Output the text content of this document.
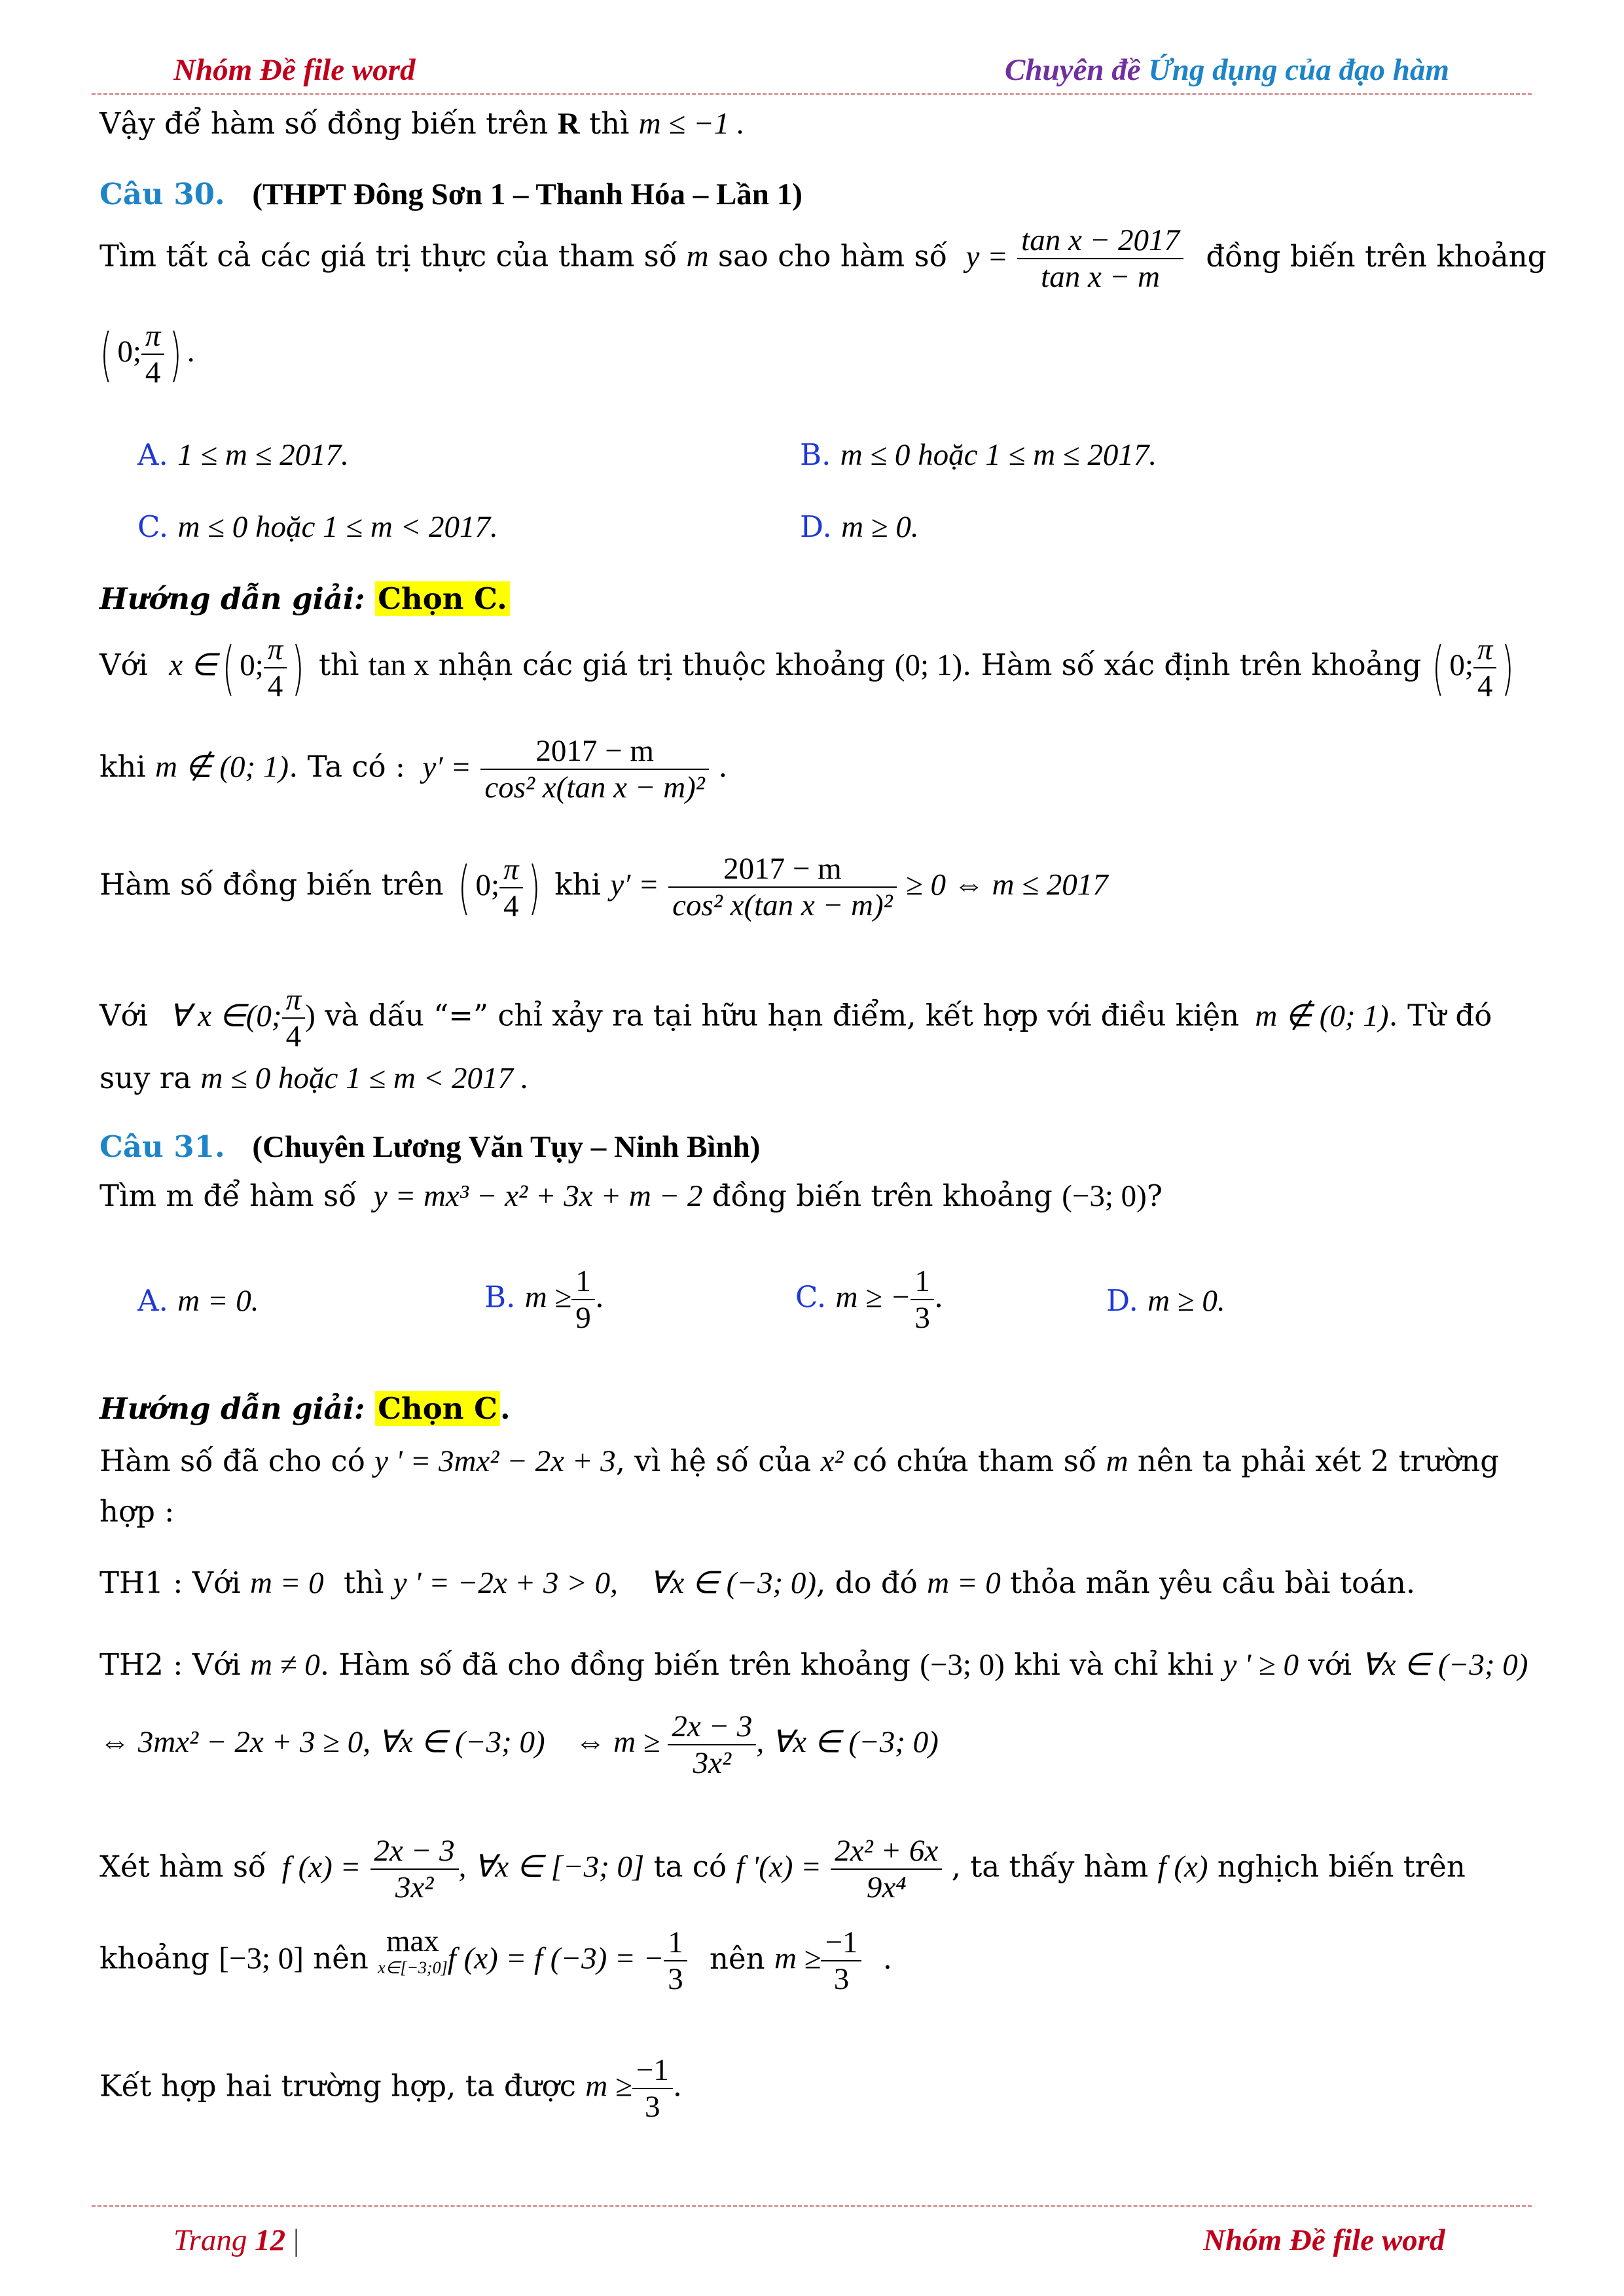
Nhóm Đề file word	Chuyên đề Ứng dụng của đạo hàm
Vậy để hàm số đồng biến trên R thì m ≤ −1 .
Câu 30. (THPT Đông Sơn 1 – Thanh Hóa – Lần 1)
Tìm tất cả các giá trị thực của tham số m sao cho hàm số $y = \frac{\text{tan x − 2017}}{\text{tan x − m}}$ đồng biến trên khoảng
( 0; $\frac{\pi}{4}$ ) .
A. 1 ≤ m ≤ 2017.	B. m ≤ 0 hoặc 1 ≤ m ≤ 2017.
C. m ≤ 0 hoặc 1 ≤ m < 2017.	D. m ≥ 0.
Hướng dẫn giải: Chọn C.
Với x ∈( 0; $\frac{\pi}{4}$ ) thì tan x nhận các giá trị thuộc khoảng (0; 1). Hàm số xác định trên khoảng ( 0; $\frac{\pi}{4}$ )
khi m ∉ (0; 1). Ta có : $y' = \frac{2017 - m}{\text{cos² x(tan x − m)²}}$ .
Hàm số đồng biến trên ( 0; $\frac{\pi}{4}$ ) khi $y' = \frac{2017 - m}{\text{cos² x(tan x − m)²}} \ge 0$ ⇔ m ≤ 2017
Với ∀ x ∈(0; $\frac{\pi}{4}$ ) và dấu “=” chỉ xảy ra tại hữu hạn điểm, kết hợp với điều kiện m ∉ (0; 1). Từ đó
suy ra m ≤ 0 hoặc 1 ≤ m < 2017 .
Câu 31. (Chuyên Lương Văn Tụy – Ninh Bình)
Tìm m để hàm số y = mx³ − x² + 3x + m − 2 đồng biến trên khoảng (−3; 0)?
A. m = 0.	B. $m \ge \frac{1}{9}$ .	C. m ≥ − $\frac{1}{3}$ .	D. m ≥ 0.
Hướng dẫn giải: Chọn C.
Hàm số đã cho có y ' = 3mx² − 2x + 3, vì hệ số của x² có chứa tham số m nên ta phải xét 2 trường
hợp :
TH1 : Với m = 0 thì y ' = −2x + 3 > 0, ∀x ∈ (−3; 0), do đó m = 0 thỏa mãn yêu cầu bài toán.
TH2 : Với m ≠ 0. Hàm số đã cho đồng biến trên khoảng (−3; 0) khi và chỉ khi y ' ≥ 0 với ∀x ∈ (−3; 0)
⇔ 3mx² − 2x + 3 ≥ 0, ∀x ∈ (−3; 0) ⇔ $m \ge \frac{2x - 3}{\text{3x²}}$ , ∀x ∈ (−3; 0)
Xét hàm số f $(x) = \frac{2x - 3}{\text{3x²}}$ , ∀x ∈ [−3; 0] ta có f '$(x) = \frac{\text{2x² + 6x}}{\text{9x⁴}}$ , ta thấy hàm f (x) nghịch biến trên
khoảng [−3; 0] nên max
x∈[−3;0] f (x) = f (−3) = − $\frac{1}{3}$ nên $m \ge \frac{-1}{3}$ .
Kết hợp hai trường hợp, ta được $m \ge \frac{-1}{3}$ .
Trang 12 |	Nhóm Đề file word
